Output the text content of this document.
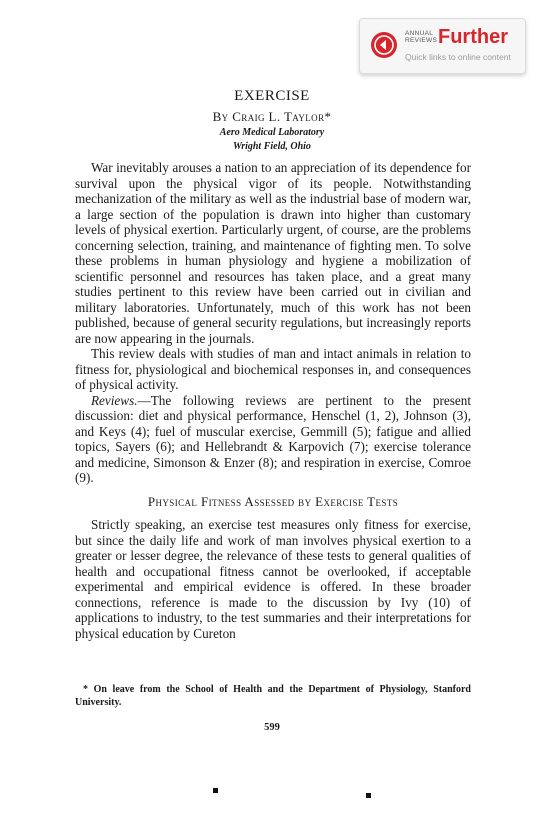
ANNUAL
REVIEWS Further
Quick links to online content
EXERCISE
By Craig L. Taylor*
Aero Medical Laboratory
Wright Field, Ohio

War inevitably arouses a nation to an appreciation of its dependence for survival upon the physical vigor of its people. Notwithstanding mechanization of the military as well as the industrial base of modern war, a large section of the population is drawn into higher than customary levels of physical exertion. Particularly urgent, of course, are the problems concerning selection, training, and maintenance of fighting men. To solve these problems in human physiology and hygiene a mobilization of scientific personnel and resources has taken place, and a great many studies pertinent to this review have been carried out in civilian and military laboratories. Unfortunately, much of this work has not been published, because of general security regulations, but increasingly reports are now appearing in the journals.

This review deals with studies of man and intact animals in relation to fitness for, physiological and biochemical responses in, and consequences of physical activity.

Reviews.—The following reviews are pertinent to the present discussion: diet and physical performance, Henschel (1, 2), Johnson (3), and Keys (4); fuel of muscular exercise, Gemmill (5); fatigue and allied topics, Sayers (6); and Hellebrandt & Karpovich (7); exercise tolerance and medicine, Simonson & Enzer (8); and respiration in exercise, Comroe (9).

Physical Fitness Assessed by Exercise Tests

Strictly speaking, an exercise test measures only fitness for exercise, but since the daily life and work of man involves physical exertion to a greater or lesser degree, the relevance of these tests to general qualities of health and occupational fitness cannot be overlooked, if acceptable experimental and empirical evidence is offered. In these broader connections, reference is made to the discussion by Ivy (10) of applications to industry, to the test summaries and their interpretations for physical education by Cureton

* On leave from the School of Health and the Department of Physiology, Stanford University.
599
